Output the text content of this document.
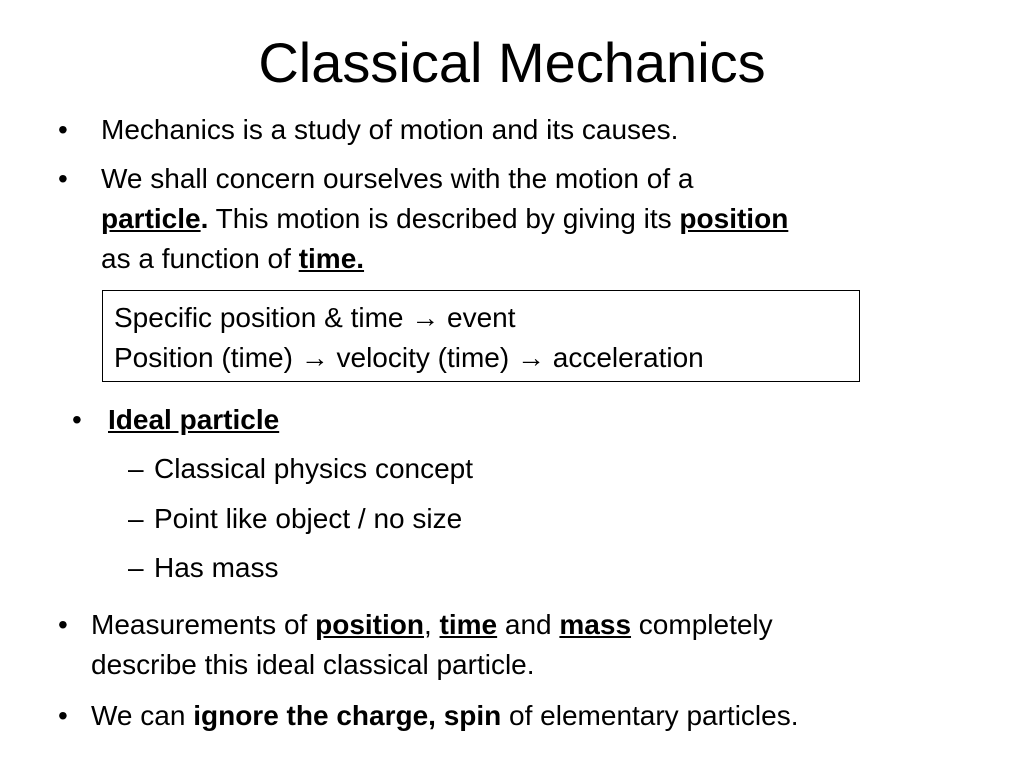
Classical Mechanics
• Mechanics is a study of motion and its causes.
• We shall concern ourselves with the motion of a
particle. This motion is described by giving its position
as a function of time.
Specific position & time → event
Position (time) → velocity (time) → acceleration
• Ideal particle
– Classical physics concept
– Point like object / no size
– Has mass
• Measurements of position, time and mass completely
describe this ideal classical particle.
• We can ignore the charge, spin of elementary particles.
